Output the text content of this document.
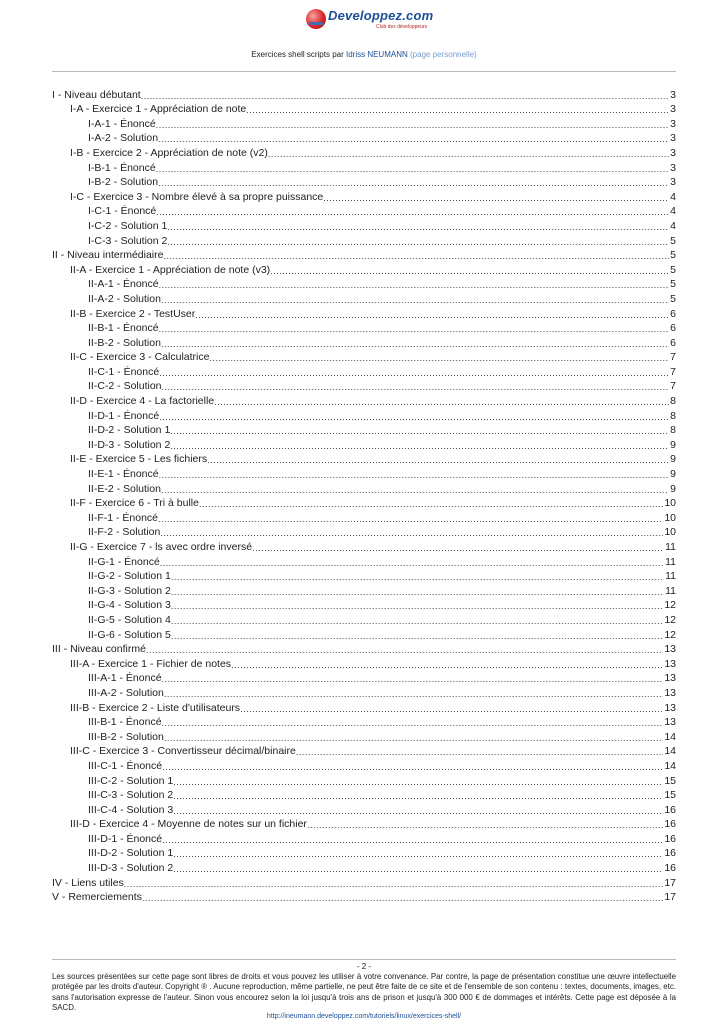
Developpez.com
Club des développeurs
Exercices shell scripts par Idriss NEUMANN (page personnelle)
I - Niveau débutant .....	3
I-A - Exercice 1 - Appréciation de note .....	3
I-A-1 - Énoncé .....	3
I-A-2 - Solution .....	3
I-B - Exercice 2 - Appréciation de note (v2) .....	3
I-B-1 - Énoncé .....	3
I-B-2 - Solution .....	3
I-C - Exercice 3 - Nombre élevé à sa propre puissance .....	4
I-C-1 - Énoncé .....	4
I-C-2 - Solution 1 .....	4
I-C-3 - Solution 2 .....	5
II - Niveau intermédiaire .....	5
II-A - Exercice 1 - Appréciation de note (v3) .....	5
II-A-1 - Énoncé .....	5
II-A-2 - Solution .....	5
II-B - Exercice 2 - TestUser .....	6
II-B-1 - Énoncé .....	6
II-B-2 - Solution .....	6
II-C - Exercice 3 - Calculatrice .....	7
II-C-1 - Énoncé .....	7
II-C-2 - Solution .....	7
II-D - Exercice 4 - La factorielle .....	8
II-D-1 - Énoncé .....	8
II-D-2 - Solution 1 .....	8
II-D-3 - Solution 2 .....	9
II-E - Exercice 5 - Les fichiers .....	9
II-E-1 - Énoncé .....	9
II-E-2 - Solution .....	9
II-F - Exercice 6 - Tri à bulle .....	10
II-F-1 - Énoncé .....	10
II-F-2 - Solution .....	10
II-G - Exercice 7 - ls avec ordre inversé .....	11
II-G-1 - Énoncé .....	11
II-G-2 - Solution 1 .....	11
II-G-3 - Solution 2 .....	11
II-G-4 - Solution 3 .....	12
II-G-5 - Solution 4 .....	12
II-G-6 - Solution 5 .....	12
III - Niveau confirmé .....	13
III-A - Exercice 1 - Fichier de notes .....	13
III-A-1 - Énoncé .....	13
III-A-2 - Solution .....	13
III-B - Exercice 2 - Liste d'utilisateurs .....	13
III-B-1 - Énoncé .....	13
III-B-2 - Solution .....	14
III-C - Exercice 3 - Convertisseur décimal/binaire .....	14
III-C-1 - Énoncé .....	14
III-C-2 - Solution 1 .....	15
III-C-3 - Solution 2 .....	15
III-C-4 - Solution 3 .....	16
III-D - Exercice 4 - Moyenne de notes sur un fichier .....	16
III-D-1 - Énoncé .....	16
III-D-2 - Solution 1 .....	16
III-D-3 - Solution 2 .....	16
IV - Liens utiles .....	17
V - Remerciements .....	17
- 2 -
Les sources présentées sur cette page sont libres de droits et vous pouvez les utiliser à votre convenance. Par contre, la page de présentation constitue une œuvre intellectuelle protégée par les droits d'auteur. Copyright ® . Aucune reproduction, même partielle, ne peut être faite de ce site et de l'ensemble de son contenu : textes, documents, images, etc. sans l'autorisation expresse de l'auteur. Sinon vous encourez selon la loi jusqu'à trois ans de prison et jusqu'à 300 000 € de dommages et intérêts. Cette page est déposée à la SACD.
http://ineumann.developpez.com/tutoriels/linux/exercices-shell/
